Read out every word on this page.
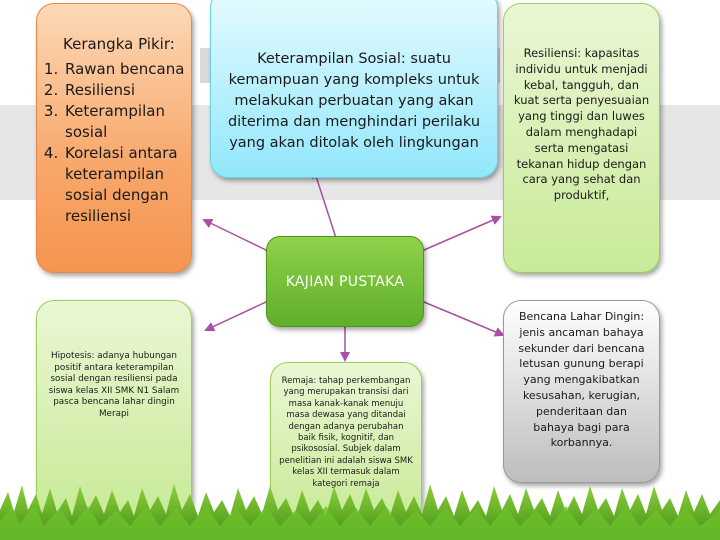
Kerangka Pikir:
1. Rawan bencana
2. Resiliensi
3. Keterampilan sosial
4. Korelasi antara keterampilan sosial dengan resiliensi
Keterampilan Sosial: suatu kemampuan yang kompleks untuk melakukan perbuatan yang akan diterima dan menghindari perilaku yang akan ditolak oleh lingkungan
Resiliensi: kapasitas individu untuk menjadi kebal, tangguh, dan kuat serta penyesuaian yang tinggi dan luwes dalam menghadapi serta mengatasi tekanan hidup dengan cara yang sehat dan produktif,
KAJIAN PUSTAKA
Hipotesis: adanya hubungan positif antara keterampilan sosial dengan resiliensi pada siswa kelas XII SMK N1 Salam pasca bencana lahar dingin Merapi
Remaja: tahap perkembangan yang merupakan transisi dari masa kanak-kanak menuju masa dewasa yang ditandai dengan adanya perubahan baik fisik, kognitif, dan psikososial. Subjek dalam penelitian ini adalah siswa SMK kelas XII termasuk dalam kategori remaja
Bencana Lahar Dingin: jenis ancaman bahaya sekunder dari bencana letusan gunung berapi yang mengakibatkan kesusahan, kerugian, penderitaan dan bahaya bagi para korbannya.
